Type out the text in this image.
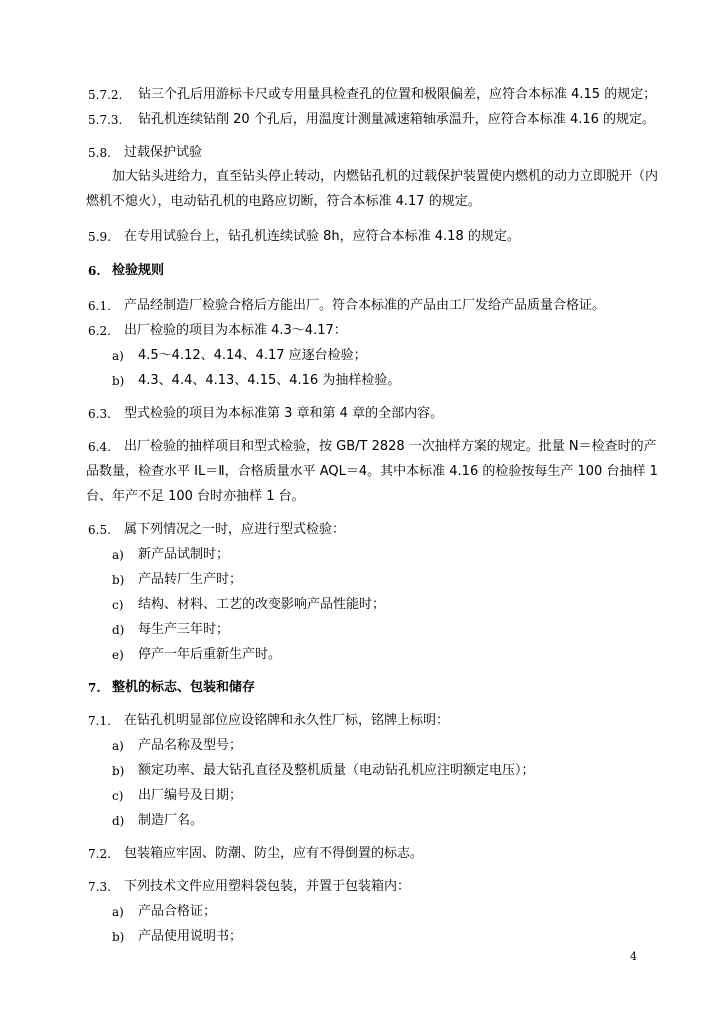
5.7.2. 钻三个孔后用游标卡尺或专用量具检查孔的位置和极限偏差，应符合本标准 4.15 的规定；
5.7.3. 钻孔机连续钻削 20 个孔后，用温度计测量减速箱轴承温升，应符合本标准 4.16 的规定。
5.8. 过载保护试验
加大钻头进给力，直至钻头停止转动，内燃钻孔机的过载保护装置使内燃机的动力立即脱开（内
燃机不熄火），电动钻孔机的电路应切断，符合本标准 4.17 的规定。
5.9. 在专用试验台上，钻孔机连续试验 8h，应符合本标准 4.18 的规定。
6. 检验规则
6.1. 产品经制造厂检验合格后方能出厂。符合本标准的产品由工厂发给产品质量合格证。
6.2. 出厂检验的项目为本标准 4.3～4.17：
a) 4.5～4.12、4.14、4.17 应逐台检验；
b) 4.3、4.4、4.13、4.15、4.16 为抽样检验。
6.3. 型式检验的项目为本标准第 3 章和第 4 章的全部内容。
6.4. 出厂检验的抽样项目和型式检验，按 GB/T 2828 一次抽样方案的规定。批量 N＝检查时的产
品数量，检查水平 IL＝Ⅱ，合格质量水平 AQL＝4。其中本标准 4.16 的检验按每生产 100 台抽样 1
台、年产不足 100 台时亦抽样 1 台。
6.5. 属下列情况之一时，应进行型式检验：
a) 新产品试制时；
b) 产品转厂生产时；
c) 结构、材料、工艺的改变影响产品性能时；
d) 每生产三年时；
e) 停产一年后重新生产时。
7. 整机的标志、包装和储存
7.1. 在钻孔机明显部位应设铭牌和永久性厂标，铭牌上标明：
a) 产品名称及型号；
b) 额定功率、最大钻孔直径及整机质量（电动钻孔机应注明额定电压）；
c) 出厂编号及日期；
d) 制造厂名。
7.2. 包装箱应牢固、防潮、防尘，应有不得倒置的标志。
7.3. 下列技术文件应用塑料袋包装，并置于包装箱内：
a) 产品合格证；
b) 产品使用说明书；
4
